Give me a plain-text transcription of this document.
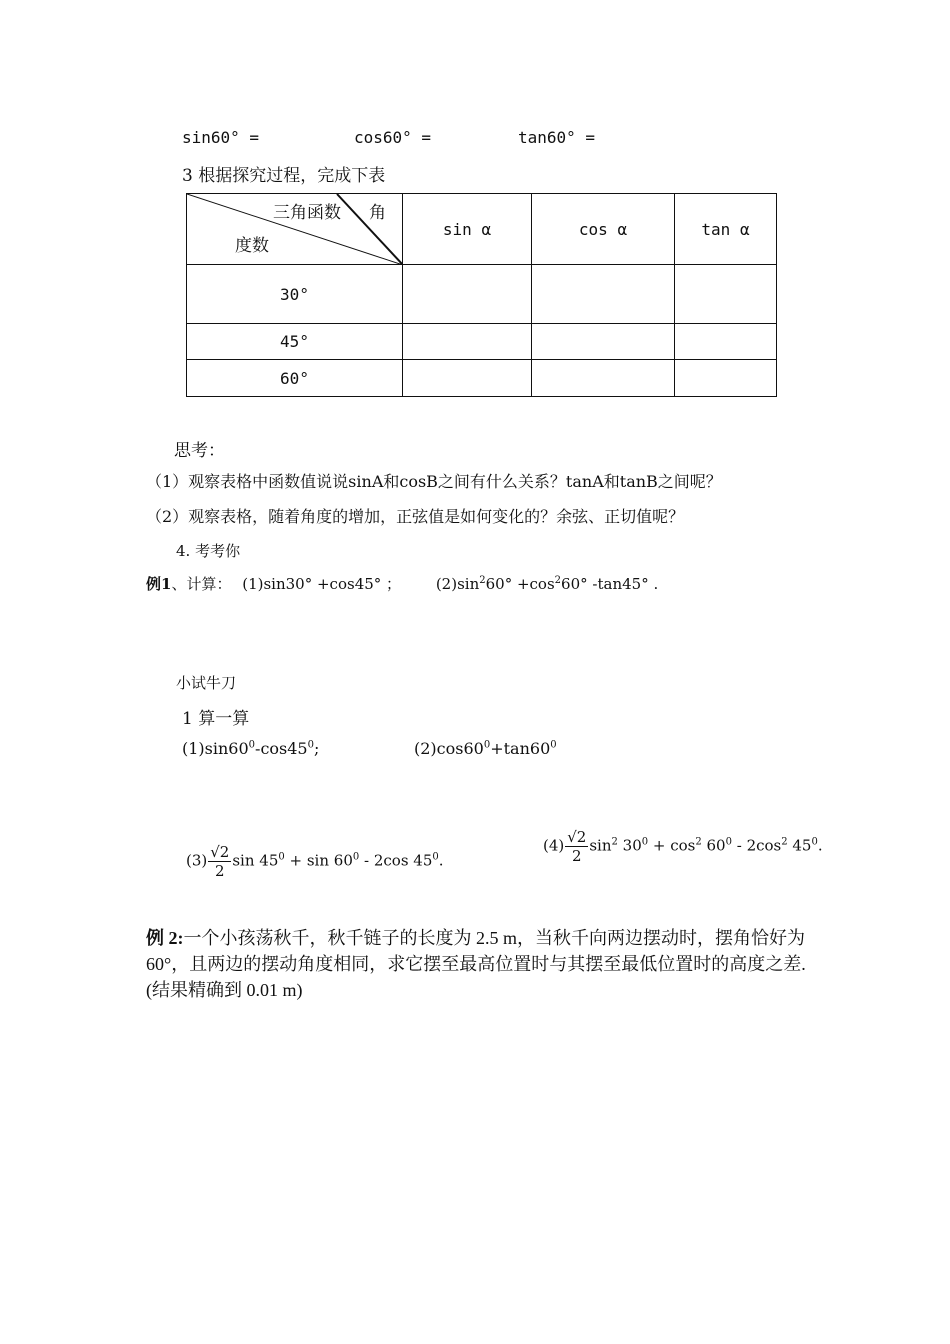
sin60° =	cos60° =	tan60° =
3 根据探究过程，完成下表
三角函数 角
度数	sin α	cos α	tan α
30°			
45°			
60°			
思考：
（1）观察表格中函数值说说sinA和cosB之间有什么关系？tanA和tanB之间呢？
（2）观察表格，随着角度的增加，正弦值是如何变化的？余弦、正切值呢？
4. 考考你
例1、计算： (1)sin30° +cos45° ； $(2)\sin^260^\circ +\cos^260^\circ$ -tan45° .
小试牛刀
1 算一算
$(1)\sin 60^0-\cos 45^0$;	$(2)\cos 60^0+\tan 60^0$
$(3) \frac{√2}{2}$ $\sin 45^0 + \sin 60^0 - 2\cos$ $45^0$.
$(4) \frac{√2}{2} \sin^2 30^0 + \cos^2 60^0 - 2\cos^2$ $45^0$.
例 2:一个小孩荡秋千，秋千链子的长度为 2.5 m，当秋千向两边摆动时，摆角恰好为 60°，且两边的摆动角度相同，求它摆至最高位置时与其摆至最低位置时的高度之差.(结果精确到 0.01 m)
